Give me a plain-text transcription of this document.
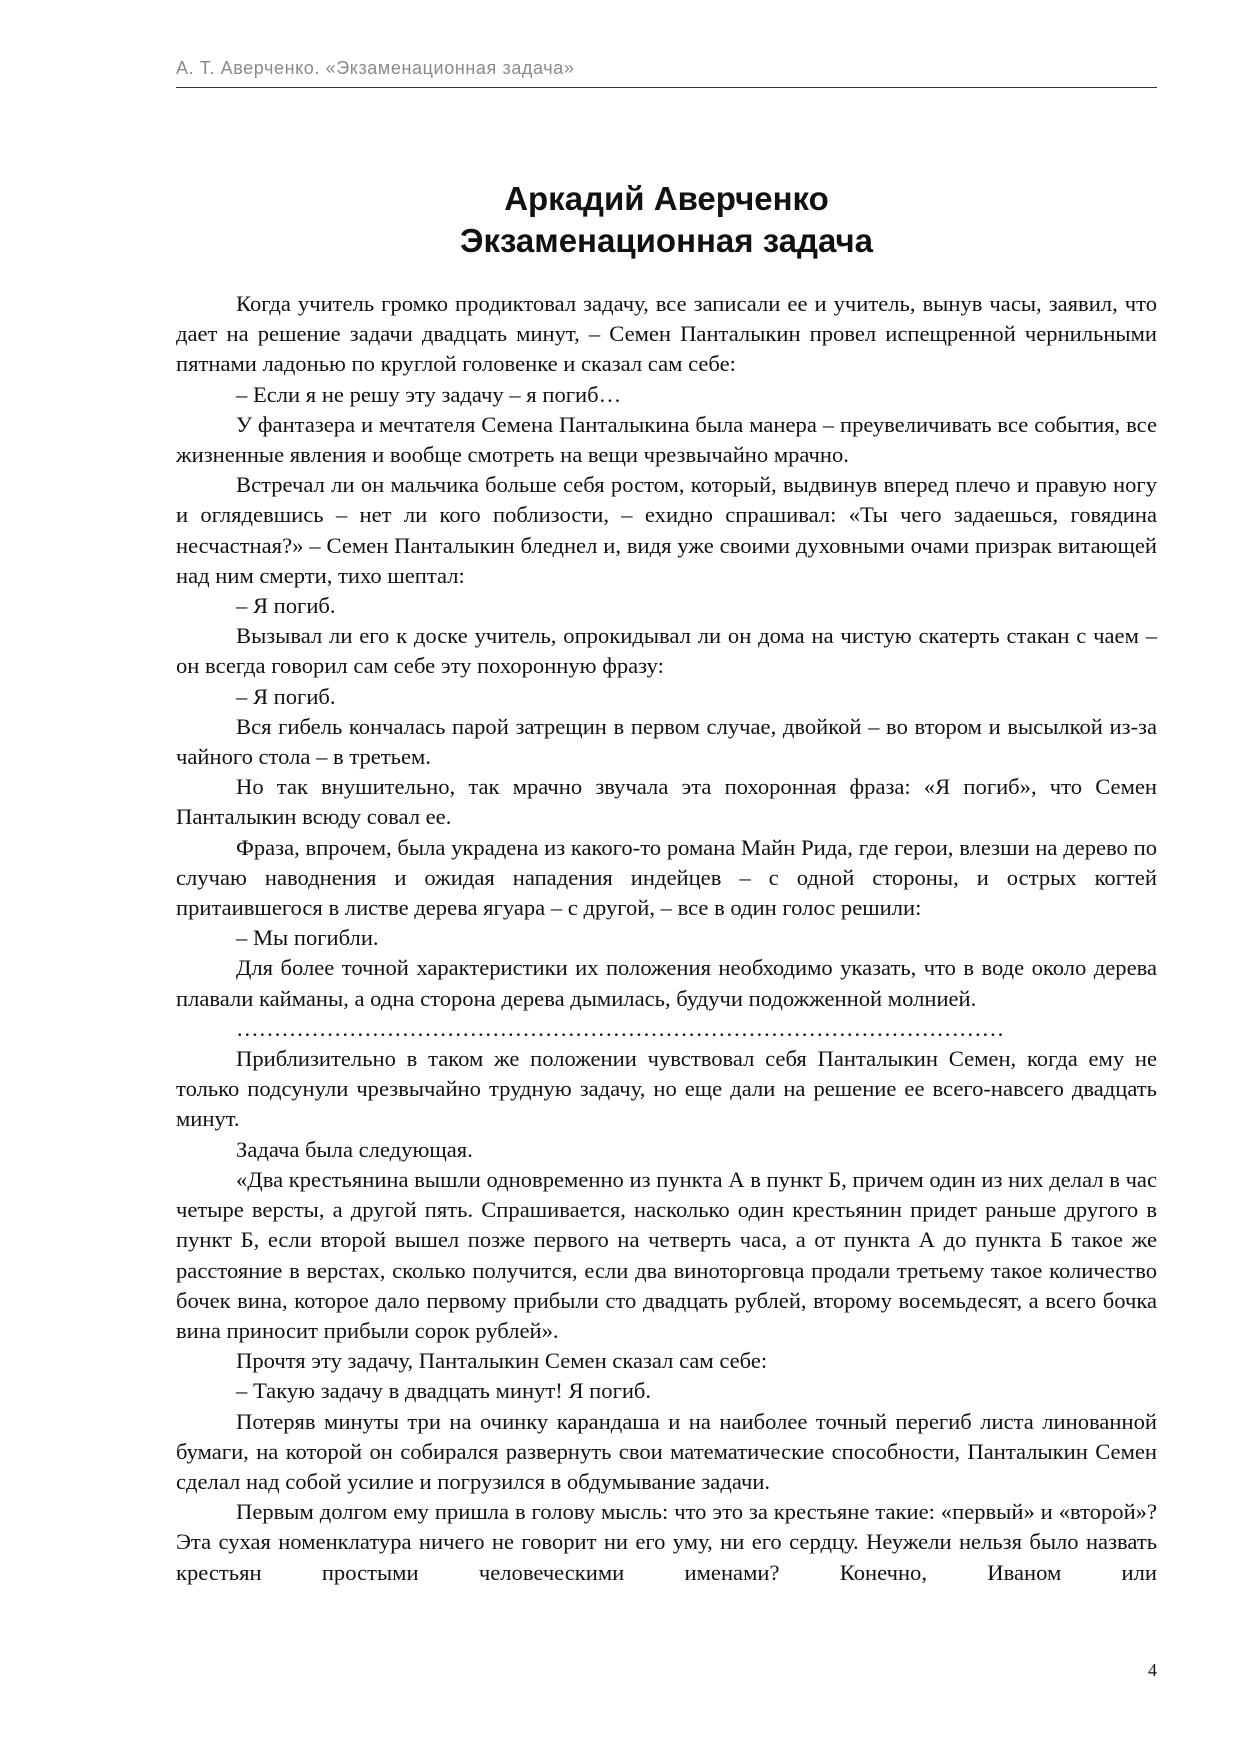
А. Т. Аверченко. «Экзаменационная задача»
Аркадий Аверченко
Экзаменационная задача

Когда учитель громко продиктовал задачу, все записали ее и учитель, вынув часы, заявил, что дает на решение задачи двадцать минут, – Семен Панталыкин провел испещренной чернильными пятнами ладонью по круглой головенке и сказал сам себе:

– Если я не решу эту задачу – я погиб…

У фантазера и мечтателя Семена Панталыкина была манера – преувеличивать все события, все жизненные явления и вообще смотреть на вещи чрезвычайно мрачно.

Встречал ли он мальчика больше себя ростом, который, выдвинув вперед плечо и правую ногу и оглядевшись – нет ли кого поблизости, – ехидно спрашивал: «Ты чего задаешься, говядина несчастная?» – Семен Панталыкин бледнел и, видя уже своими духовными очами призрак витающей над ним смерти, тихо шептал:

– Я погиб.

Вызывал ли его к доске учитель, опрокидывал ли он дома на чистую скатерть стакан с чаем – он всегда говорил сам себе эту похоронную фразу:

– Я погиб.

Вся гибель кончалась парой затрещин в первом случае, двойкой – во втором и высылкой из-за чайного стола – в третьем.

Но так внушительно, так мрачно звучала эта похоронная фраза: «Я погиб», что Семен Панталыкин всюду совал ее.

Фраза, впрочем, была украдена из какого-то романа Майн Рида, где герои, влезши на дерево по случаю наводнения и ожидая нападения индейцев – с одной стороны, и острых когтей притаившегося в листве дерева ягуара – с другой, – все в один голос решили:

– Мы погибли.

Для более точной характеристики их положения необходимо указать, что в воде около дерева плавали кайманы, а одна сторона дерева дымилась, будучи подожженной молнией.

…………………………………………………………………………………………

Приблизительно в таком же положении чувствовал себя Панталыкин Семен, когда ему не только подсунули чрезвычайно трудную задачу, но еще дали на решение ее всего-навсего двадцать минут.

Задача была следующая.

«Два крестьянина вышли одновременно из пункта А в пункт Б, причем один из них делал в час четыре версты, а другой пять. Спрашивается, насколько один крестьянин придет раньше другого в пункт Б, если второй вышел позже первого на четверть часа, а от пункта А до пункта Б такое же расстояние в верстах, сколько получится, если два виноторговца продали третьему такое количество бочек вина, которое дало первому прибыли сто двадцать рублей, второму восемьдесят, а всего бочка вина приносит прибыли сорок рублей».

Прочтя эту задачу, Панталыкин Семен сказал сам себе:

– Такую задачу в двадцать минут! Я погиб.

Потеряв минуты три на очинку карандаша и на наиболее точный перегиб листа линованной бумаги, на которой он собирался развернуть свои математические способности, Панталыкин Семен сделал над собой усилие и погрузился в обдумывание задачи.

Первым долгом ему пришла в голову мысль: что это за крестьяне такие: «первый» и «второй»? Эта сухая номенклатура ничего не говорит ни его уму, ни его сердцу. Неужели нельзя было назвать крестьян простыми человеческими именами? Конечно, Иваном или

4
